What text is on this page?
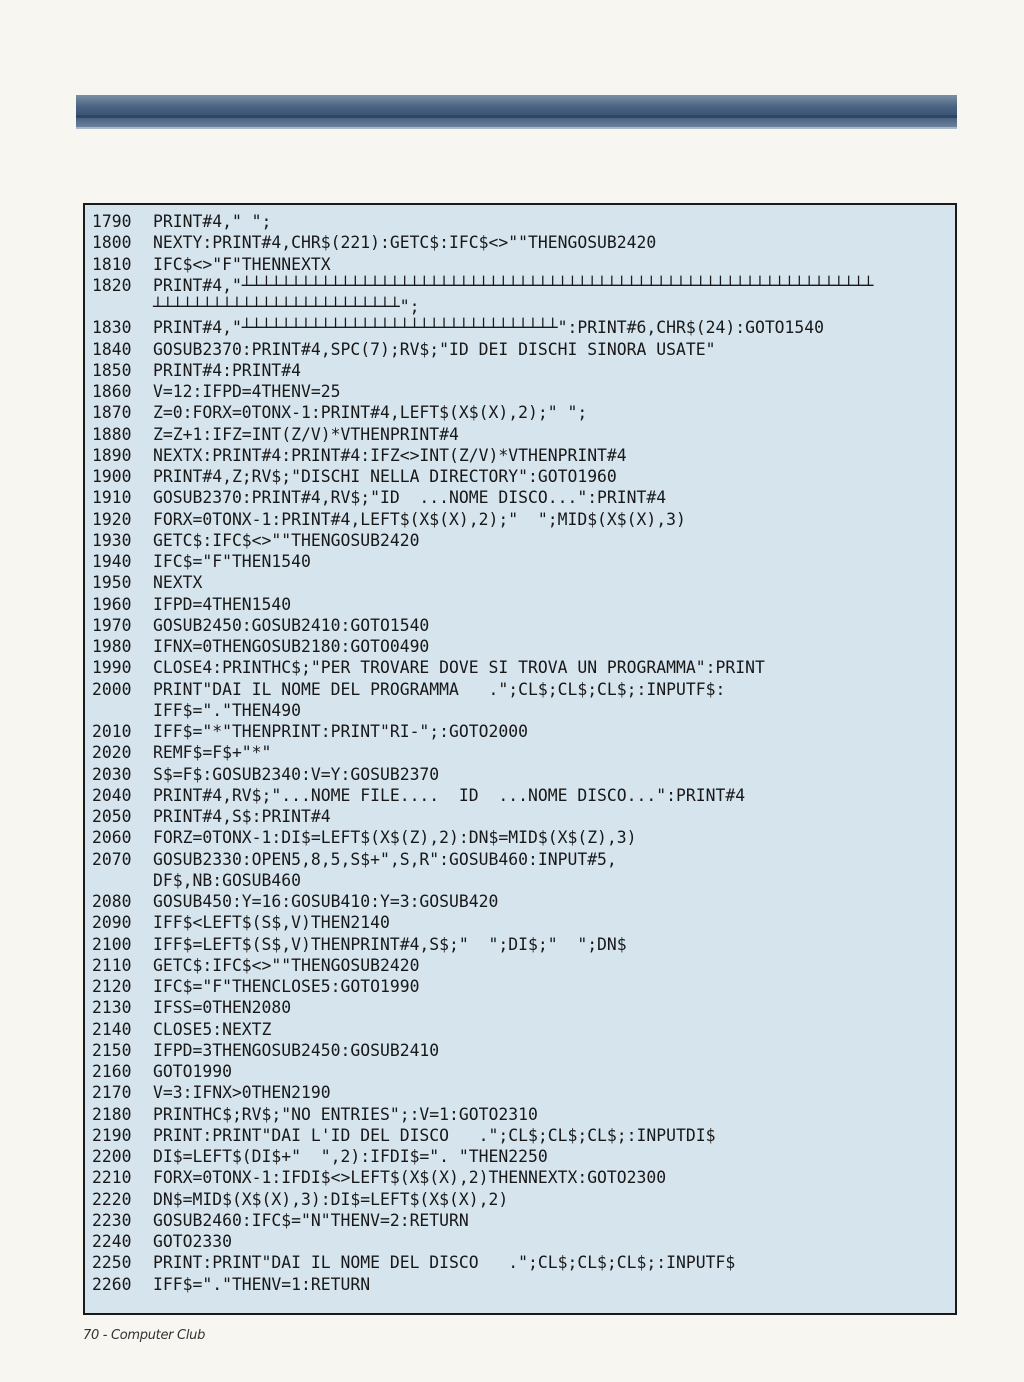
1790	PRINT#4," ";
1800	NEXTY:PRINT#4,CHR$(221):GETC$:IFC$<>""THENGOSUB2420
1810	IFC$<>"F"THENNEXTX
1820	PRINT#4,"┴┴┴┴┴┴┴┴┴┴┴┴┴┴┴┴┴┴┴┴┴┴┴┴┴┴┴┴┴┴┴┴┴┴┴┴┴┴┴┴┴┴┴┴┴┴┴┴┴┴┴┴┴┴┴┴┴┴┴┴┴┴┴┴
┴┴┴┴┴┴┴┴┴┴┴┴┴┴┴┴┴┴┴┴┴┴┴┴┴";
1830	PRINT#4,"┴┴┴┴┴┴┴┴┴┴┴┴┴┴┴┴┴┴┴┴┴┴┴┴┴┴┴┴┴┴┴┴":PRINT#6,CHR$(24):GOTO1540
1840	GOSUB2370:PRINT#4,SPC(7);RV$;"ID DEI DISCHI SINORA USATE"
1850	PRINT#4:PRINT#4
1860	V=12:IFPD=4THENV=25
1870	Z=0:FORX=0TONX-1:PRINT#4,LEFT$(X$(X),2);" ";
1880	Z=Z+1:IFZ=INT(Z/V)*VTHENPRINT#4
1890	NEXTX:PRINT#4:PRINT#4:IFZ<>INT(Z/V)*VTHENPRINT#4
1900	PRINT#4,Z;RV$;"DISCHI NELLA DIRECTORY":GOTO1960
1910	GOSUB2370:PRINT#4,RV$;"ID  ...NOME DISCO...":PRINT#4
1920	FORX=0TONX-1:PRINT#4,LEFT$(X$(X),2);"  ";MID$(X$(X),3)
1930	GETC$:IFC$<>""THENGOSUB2420
1940	IFC$="F"THEN1540
1950	NEXTX
1960	IFPD=4THEN1540
1970	GOSUB2450:GOSUB2410:GOTO1540
1980	IFNX=0THENGOSUB2180:GOTO0490
1990	CLOSE4:PRINTHC$;"PER TROVARE DOVE SI TROVA UN PROGRAMMA":PRINT
2000	PRINT"DAI IL NOME DEL PROGRAMMA   .";CL$;CL$;CL$;:INPUTF$:
IFF$="."THEN490
2010	IFF$="*"THENPRINT:PRINT"RI-";:GOTO2000
2020	REMF$=F$+"*"
2030	S$=F$:GOSUB2340:V=Y:GOSUB2370
2040	PRINT#4,RV$;"...NOME FILE....  ID  ...NOME DISCO...":PRINT#4
2050	PRINT#4,S$:PRINT#4
2060	FORZ=0TONX-1:DI$=LEFT$(X$(Z),2):DN$=MID$(X$(Z),3)
2070	GOSUB2330:OPEN5,8,5,S$+",S,R":GOSUB460:INPUT#5,
DF$,NB:GOSUB460
2080	GOSUB450:Y=16:GOSUB410:Y=3:GOSUB420
2090	IFF$<LEFT$(S$,V)THEN2140
2100	IFF$=LEFT$(S$,V)THENPRINT#4,S$;"  ";DI$;"  ";DN$
2110	GETC$:IFC$<>""THENGOSUB2420
2120	IFC$="F"THENCLOSE5:GOTO1990
2130	IFSS=0THEN2080
2140	CLOSE5:NEXTZ
2150	IFPD=3THENGOSUB2450:GOSUB2410
2160	GOTO1990
2170	V=3:IFNX>0THEN2190
2180	PRINTHC$;RV$;"NO ENTRIES";:V=1:GOTO2310
2190	PRINT:PRINT"DAI L'ID DEL DISCO   .";CL$;CL$;CL$;:INPUTDI$
2200	DI$=LEFT$(DI$+"  ",2):IFDI$=". "THEN2250
2210	FORX=0TONX-1:IFDI$<>LEFT$(X$(X),2)THENNEXTX:GOTO2300
2220	DN$=MID$(X$(X),3):DI$=LEFT$(X$(X),2)
2230	GOSUB2460:IFC$="N"THENV=2:RETURN
2240	GOTO2330
2250	PRINT:PRINT"DAI IL NOME DEL DISCO   .";CL$;CL$;CL$;:INPUTF$
2260	IFF$="."THENV=1:RETURN
70 - Computer Club
